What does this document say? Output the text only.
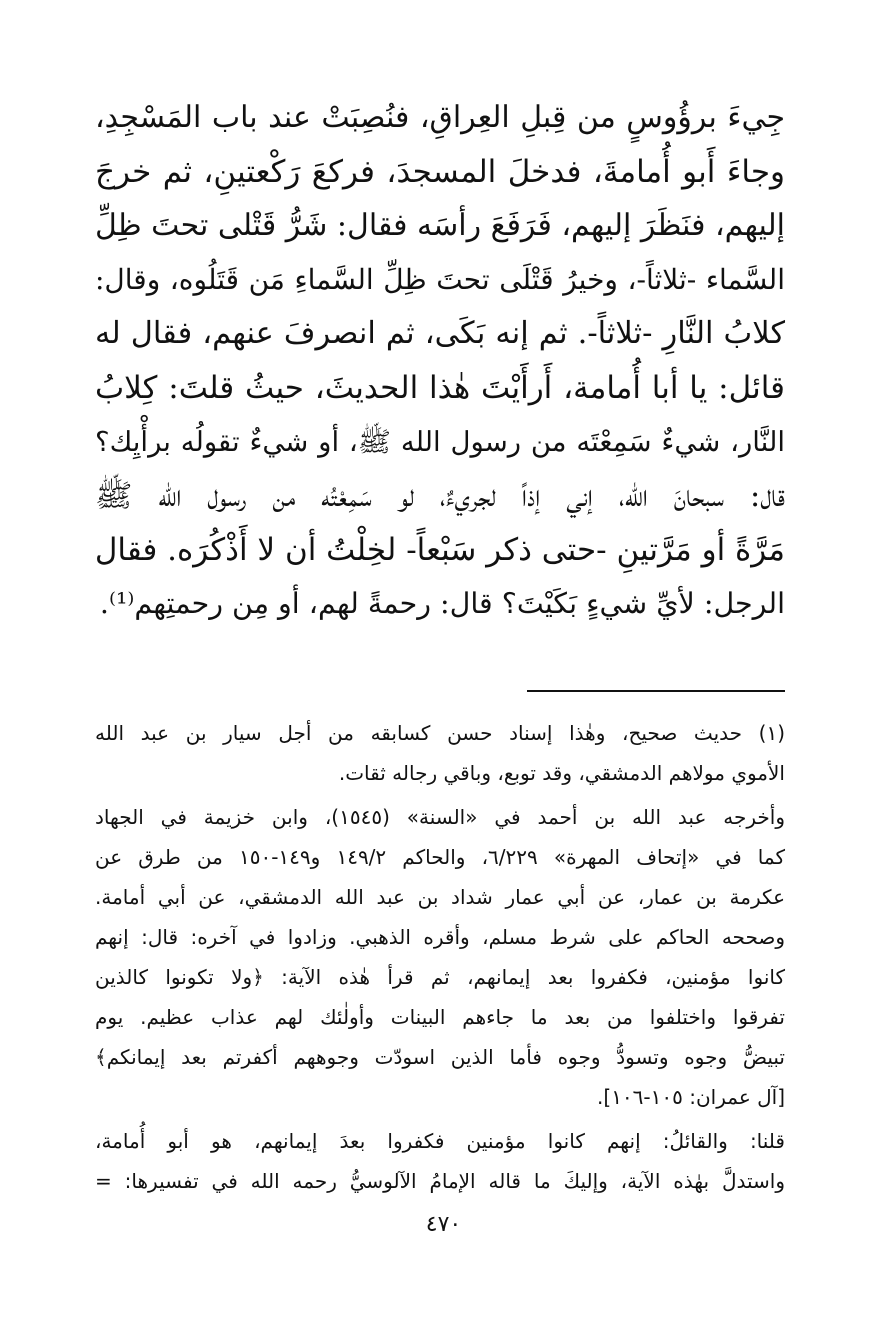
جِيءَ برؤُوسٍ من قِبلِ العِراقِ، فنُصِبَتْ عند باب المَسْجِدِ،
وجاءَ أَبو أُمامةَ، فدخلَ المسجدَ، فركعَ رَكْعتينِ، ثم خرجَ
إليهم، فنَظَرَ إليهم، فَرَفَعَ رأسَه فقال: شَرُّ قَتْلى تحتَ ظِلِّ
السَّماء -ثلاثاً-، وخيرُ قَتْلَى تحتَ ظِلِّ السَّماءِ مَن قَتَلُوه، وقال:
كلابُ النَّارِ -ثلاثاً-. ثم إنه بَكَى، ثم انصرفَ عنهم، فقال له
قائل: يا أبا أُمامة، أَرأَيْتَ هٰذا الحديثَ، حيثُ قلتَ: كِلابُ
النَّار، شيءٌ سَمِعْتَه من رسول الله ﷺ، أو شيءٌ تقولُه برأْيِك؟
قال: سبحانَ الله، إني إذاً لجريءٌ، لو سَمِعْتُه من رسول الله ﷺ
مَرَّةً أو مَرَّتينِ -حتى ذكر سَبْعاً- لخِلْتُ أن لا أَذْكُرَه. فقال
الرجل: لأيِّ شيءٍ بَكَيْتَ؟ قال: رحمةً لهم، أو مِن رحمتِهم⁽¹⁾.
(١) حديث صحيح، وهٰذا إسناد حسن كسابقه من أجل سيار بن عبد الله
الأموي مولاهم الدمشقي، وقد توبع، وباقي رجاله ثقات.
وأخرجه عبد الله بن أحمد في «السنة» (١٥٤٥)، وابن خزيمة في الجهاد
كما في «إتحاف المهرة» ٦/٢٢٩، والحاكم ١٤٩/٢ و١٤٩-١٥٠ من طرق عن
عكرمة بن عمار، عن أبي عمار شداد بن عبد الله الدمشقي، عن أبي أمامة.
وصححه الحاكم على شرط مسلم، وأقره الذهبي. وزادوا في آخره: قال: إنهم
كانوا مؤمنين، فكفروا بعد إيمانهم، ثم قرأ هٰذه الآية: ﴿ولا تكونوا كالذين
تفرقوا واختلفوا من بعد ما جاءهم البينات وأولٰئك لهم عذاب عظيم. يوم
تبيضُّ وجوه وتسودُّ وجوه فأما الذين اسودّت وجوههم أكفرتم بعد إيمانكم﴾
[آل عمران: ١٠٥-١٠٦].
قلنا: والقائلُ: إنهم كانوا مؤمنين فكفروا بعدَ إيمانهم، هو أبو أُمامة،
واستدلَّ بهٰذه الآية، وإليكَ ما قاله الإمامُ الآلوسيُّ رحمه الله في تفسيرها: =
٤٧٠
